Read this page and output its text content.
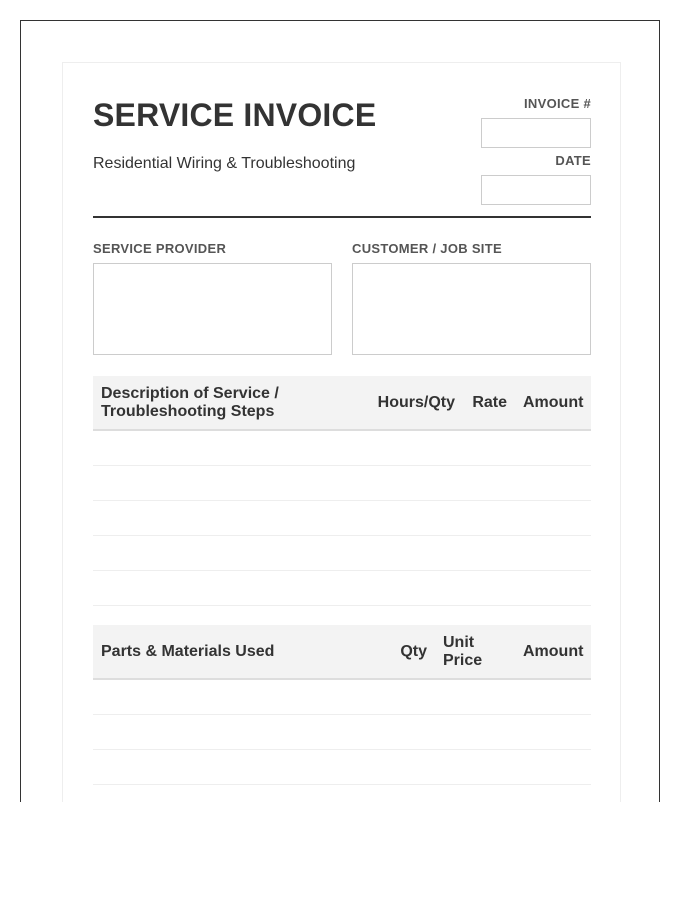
SERVICE INVOICE
Residential Wiring & Troubleshooting
INVOICE #
DATE
SERVICE PROVIDER	CUSTOMER / JOB SITE
Description of Service / Troubleshooting Steps	Hours/Qty	Rate	Amount

Parts & Materials Used	Qty	Unit Price	Amount
